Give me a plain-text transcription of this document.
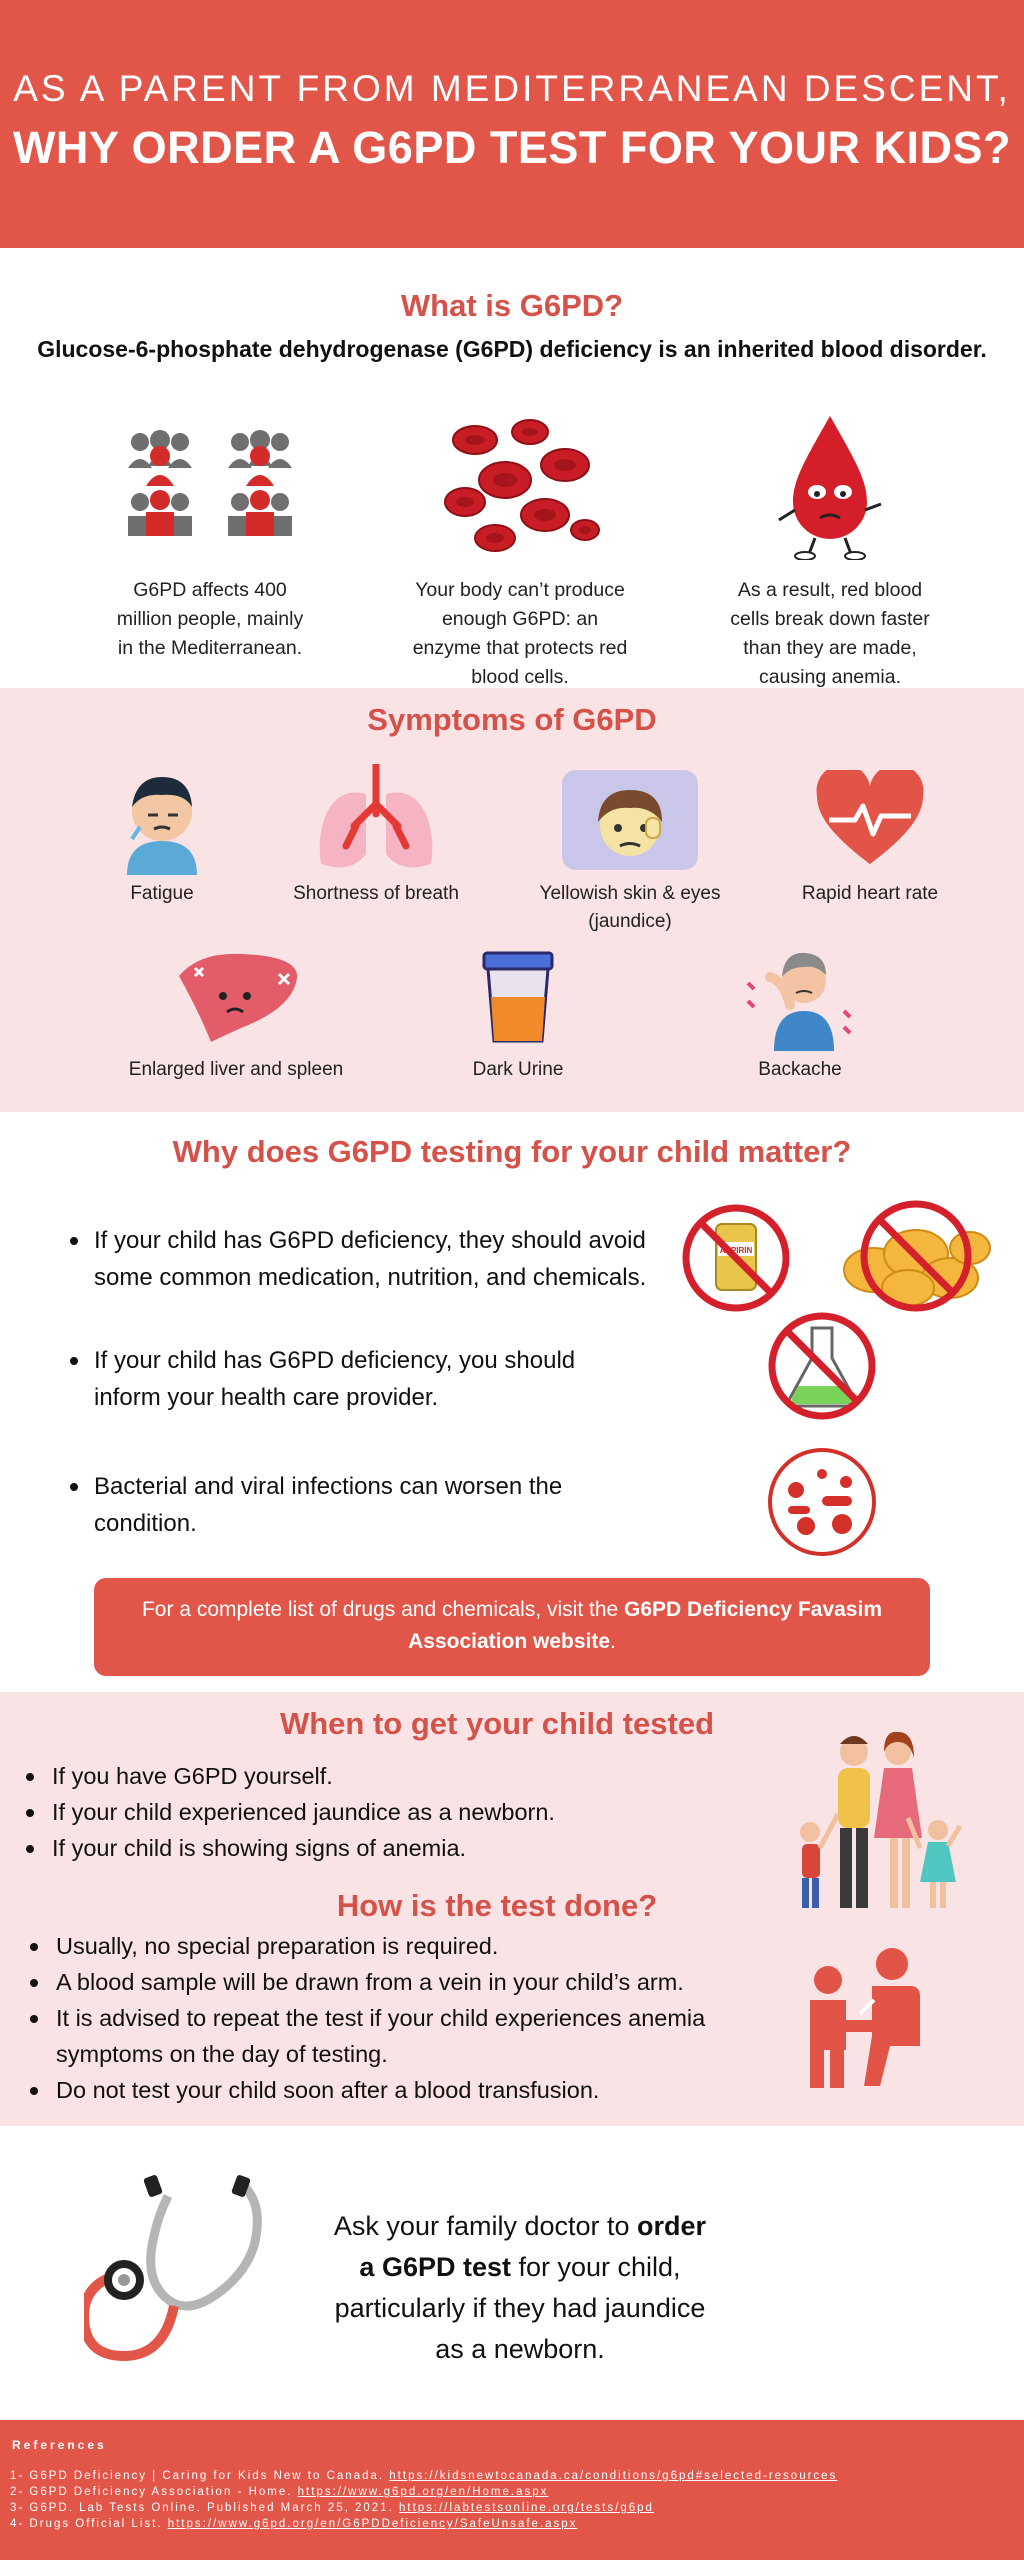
AS A PARENT FROM MEDITERRANEAN DESCENT,
WHY ORDER A G6PD TEST FOR YOUR KIDS?
What is G6PD?
Glucose-6-phosphate dehydrogenase (G6PD) deficiency is an inherited blood disorder.
G6PD affects 400 million people, mainly in the Mediterranean.
Your body can’t produce enough G6PD: an enzyme that protects red blood cells.
As a result, red blood cells break down faster than they are made, causing anemia.
Symptoms of G6PD
Fatigue	Shortness of breath	Yellowish skin & eyes (jaundice)
Rapid heart rate
Enlarged liver and spleen	Dark Urine	Backache
Why does G6PD testing for your child matter?
If your child has G6PD deficiency, they should avoid some common medication, nutrition, and chemicals.
If your child has G6PD deficiency, you should inform your health care provider.
Bacterial and viral infections can worsen the condition.
ASPIRIN
For a complete list of drugs and chemicals, visit the G6PD Deficiency Favasim Association website.
When to get your child tested
If you have G6PD yourself.
If your child experienced jaundice as a newborn.
If your child is showing signs of anemia.
How is the test done?
Usually, no special preparation is required.
A blood sample will be drawn from a vein in your child’s arm.
It is advised to repeat the test if your child experiences anemia symptoms on the day of testing.
Do not test your child soon after a blood transfusion.
Ask your family doctor to order a G6PD test for your child, particularly if they had jaundice as a newborn.
References
1- G6PD Deficiency | Caring for Kids New to Canada. https://kidsnewtocanada.ca/conditions/g6pd#selected-resources
2- G6PD Deficiency Association - Home. https://www.g6pd.org/en/Home.aspx
3- G6PD. Lab Tests Online. Published March 25, 2021. https://labtestsonline.org/tests/g6pd
4- Drugs Official List. https://www.g6pd.org/en/G6PDDeficiency/SafeUnsafe.aspx
